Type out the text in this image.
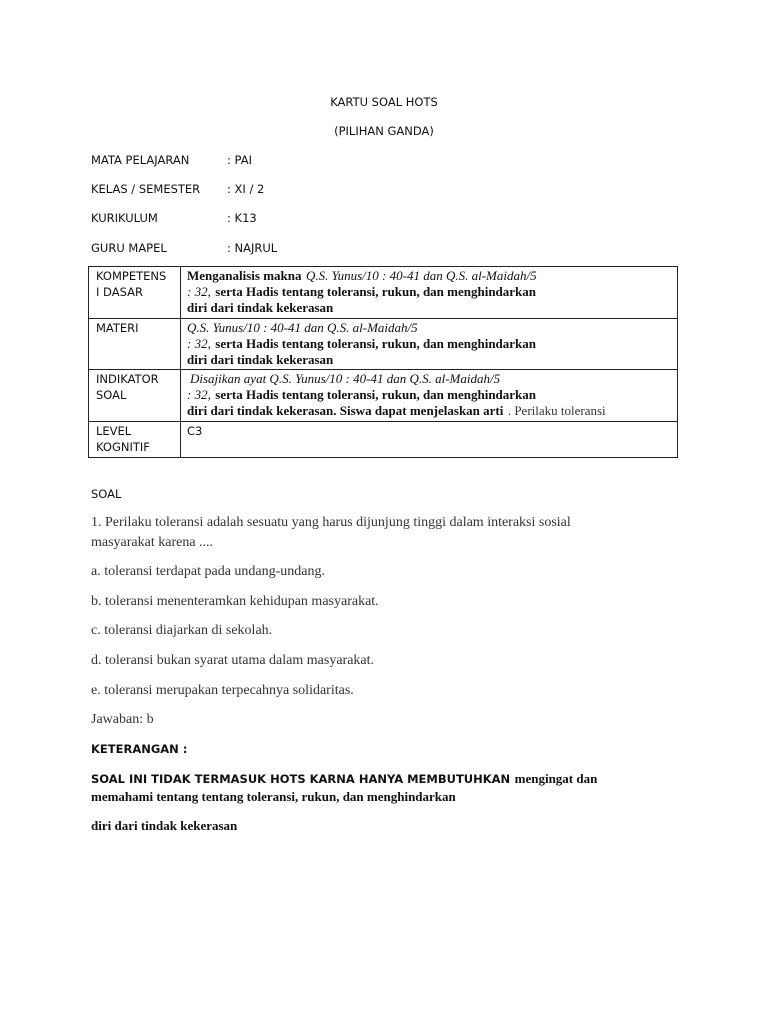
KARTU SOAL HOTS
(PILIHAN GANDA)
MATA PELAJARAN	: PAI
KELAS / SEMESTER : XI / 2
KURIKULUM	: K13
GURU MAPEL	: NAJRUL
KOMPETENS
I DASAR	Menganalisis makna Q.S. Yunus/10 : 40-41 dan Q.S. al-Maidah/5
: 32, serta Hadis tentang toleransi, rukun, dan menghindarkan
diri dari tindak kekerasan

MATERI	Q.S. Yunus/10 : 40-41 dan Q.S. al-Maidah/5
: 32, serta Hadis tentang toleransi, rukun, dan menghindarkan
diri dari tindak kekerasan

INDIKATOR
SOAL	Disajikan ayat Q.S. Yunus/10 : 40-41 dan Q.S. al-Maidah/5
: 32, serta Hadis tentang toleransi, rukun, dan menghindarkan
diri dari tindak kekerasan. Siswa dapat menjelaskan arti . Perilaku toleransi

LEVEL
KOGNITIF	C3
SOAL
1. Perilaku toleransi adalah sesuatu yang harus dijunjung tinggi dalam interaksi sosial
masyarakat karena ....
a. toleransi terdapat pada undang-undang.
b. toleransi menenteramkan kehidupan masyarakat.
c. toleransi diajarkan di sekolah.
d. toleransi bukan syarat utama dalam masyarakat.
e. toleransi merupakan terpecahnya solidaritas.
Jawaban: b
KETERANGAN :
SOAL INI TIDAK TERMASUK HOTS KARNA HANYA MEMBUTUHKAN mengingat dan
memahami tentang tentang toleransi, rukun, dan menghindarkan
diri dari tindak kekerasan
